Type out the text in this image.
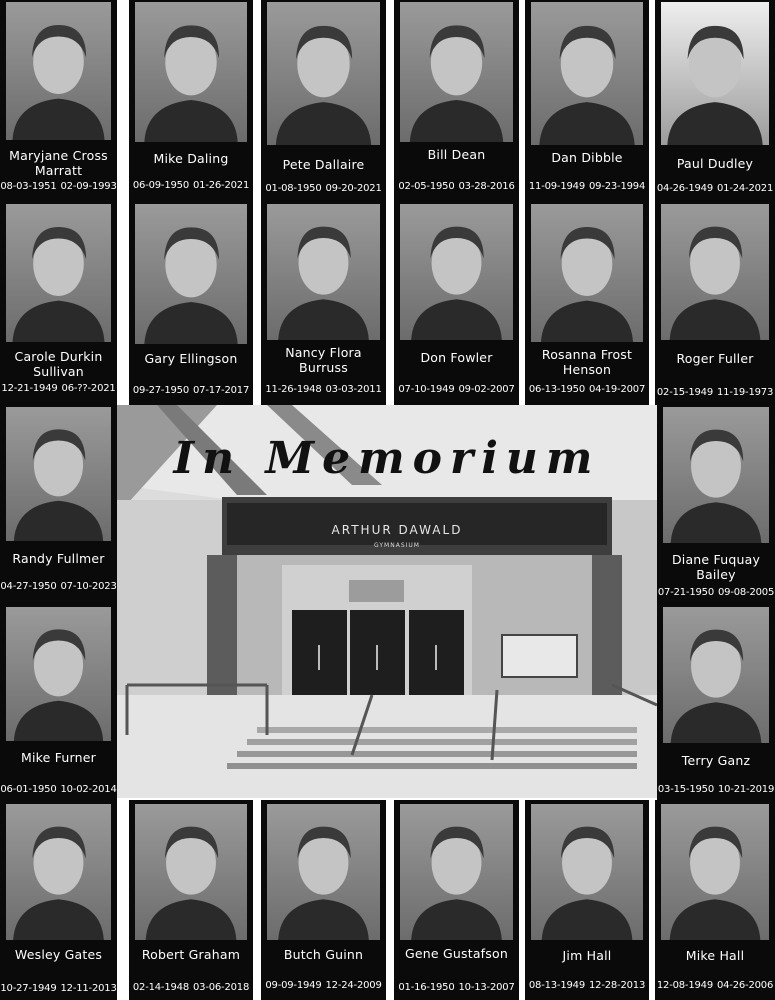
Maryjane Cross Marratt
08-03-1951 02-09-1993
Mike Daling
06-09-1950 01-26-2021
Pete Dallaire
01-08-1950 09-20-2021
Bill Dean
02-05-1950 03-28-2016
Dan Dibble
11-09-1949 09-23-1994
Paul Dudley
04-26-1949 01-24-2021
Carole Durkin Sullivan
12-21-1949 06-??-2021
Gary Ellingson
09-27-1950 07-17-2017
Nancy Flora Burruss
11-26-1948 03-03-2011
Don Fowler
07-10-1949 09-02-2007
Rosanna Frost Henson
06-13-1950 04-19-2007
Roger Fuller
02-15-1949 11-19-1973
Randy Fullmer
04-27-1950 07-10-2023
Diane Fuquay Bailey
07-21-1950 09-08-2005
Mike Furner
06-01-1950 10-02-2014
Terry Ganz
03-15-1950 10-21-2019
Wesley Gates
10-27-1949 12-11-2013
Robert Graham
02-14-1948 03-06-2018
Butch Guinn
09-09-1949 12-24-2009
Gene Gustafson
01-16-1950 10-13-2007
Jim Hall
08-13-1949 12-28-2013
Mike Hall
12-08-1949 04-26-2006
In Memorium
ARTHUR DAWALD
GYMNASIUM
